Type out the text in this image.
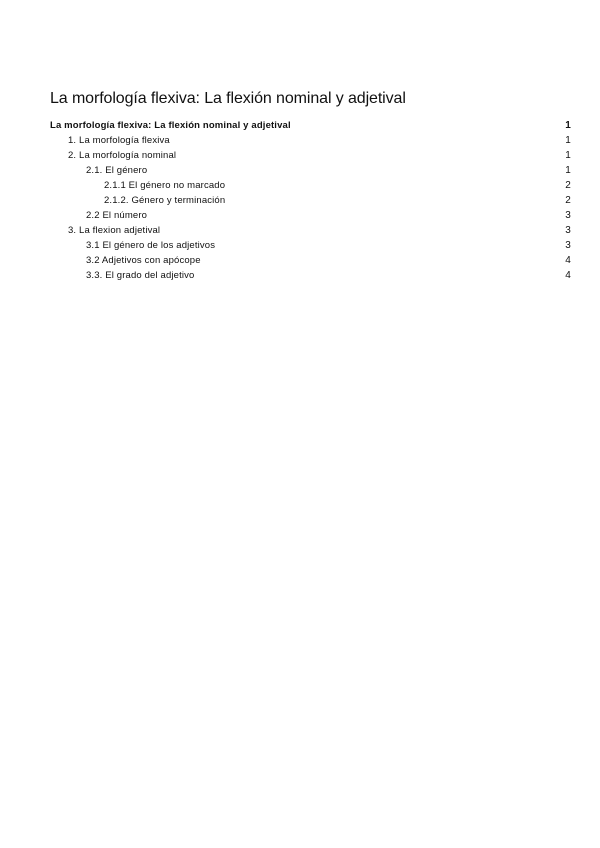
La morfología flexiva: La flexión nominal y adjetival
La morfología flexiva: La flexión nominal y adjetival	1
1. La morfología flexiva	1
2. La morfología nominal	1
2.1. El género	1
2.1.1 El género no marcado	2
2.1.2. Género y terminación	2
2.2 El número	3
3. La flexion adjetival	3
3.1 El género de los adjetivos	3
3.2 Adjetivos con apócope	4
3.3. El grado del adjetivo	4
